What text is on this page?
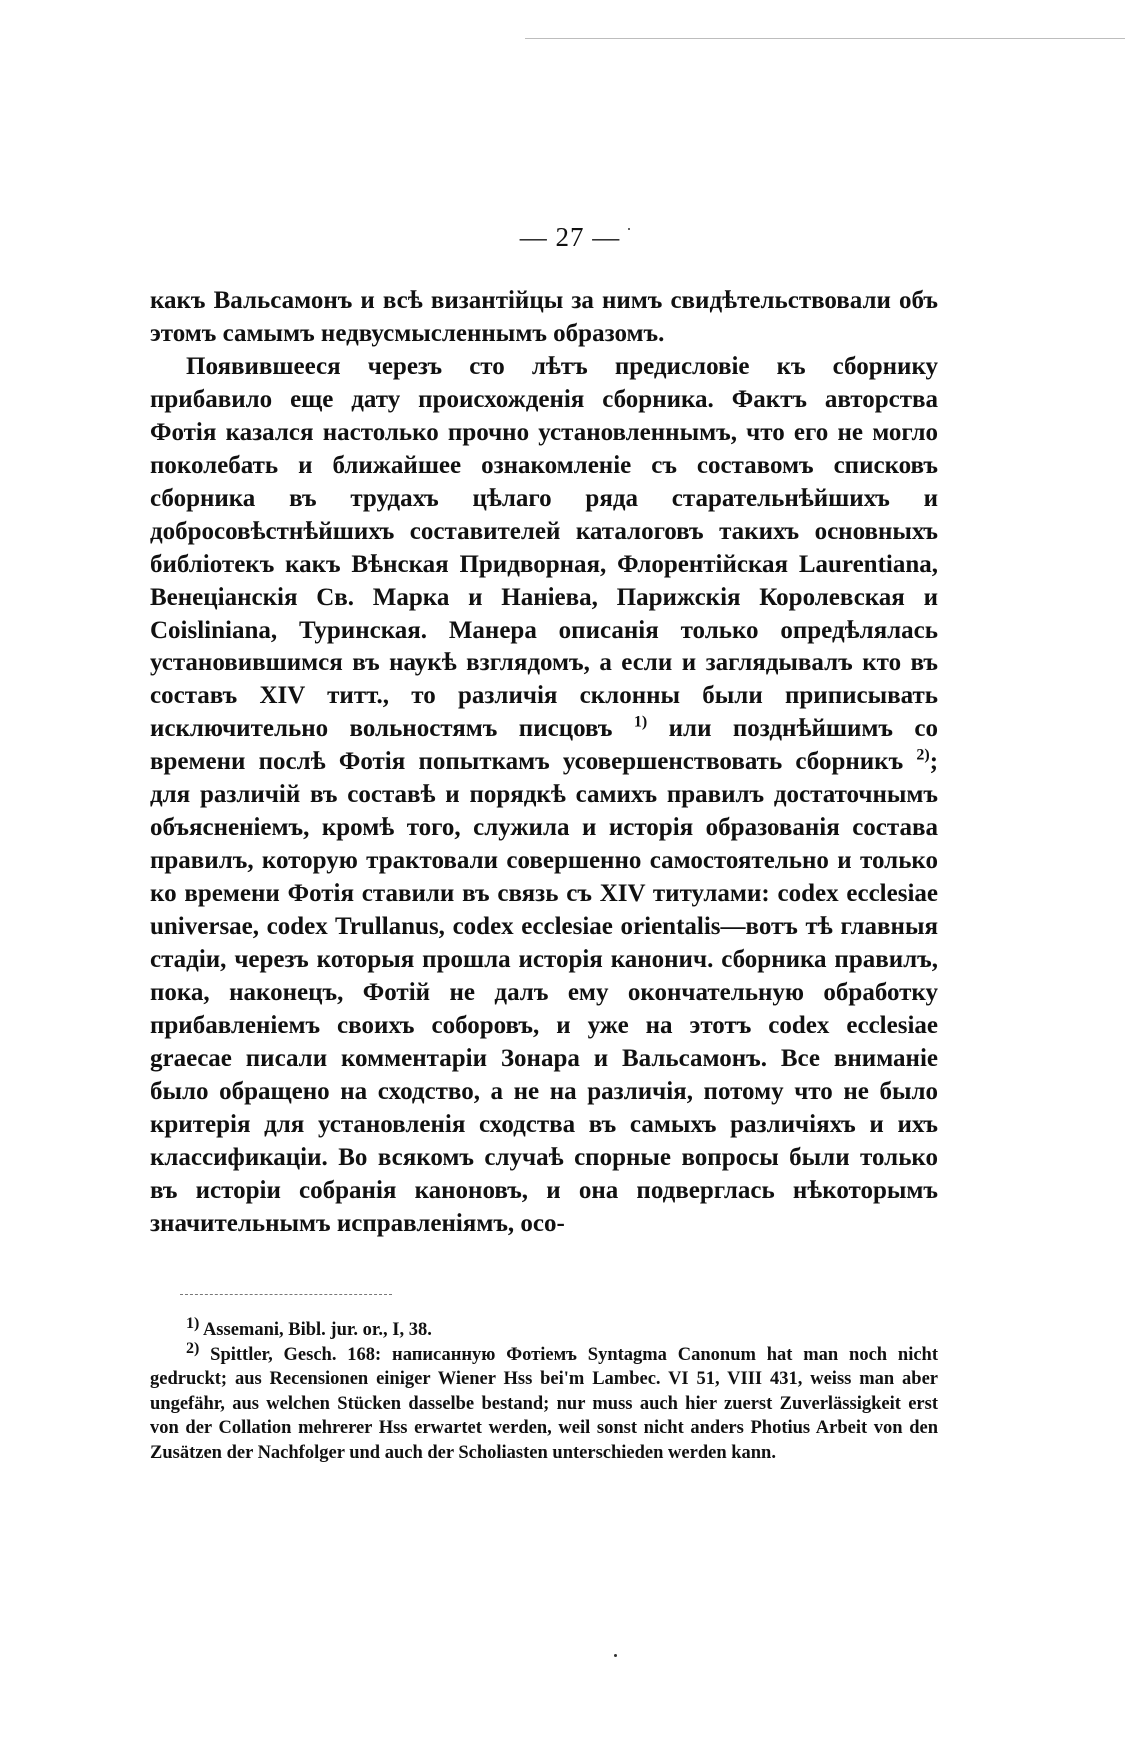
— 27 —

какъ Вальсамонъ и всѣ византійцы за нимъ свидѣтельствовали объ этомъ самымъ недвусмысленнымъ образомъ.

Появившееся черезъ сто лѣтъ предисловіе къ сборнику прибавило еще дату происхожденія сборника. Фактъ авторства Фотія казался настолько прочно установленнымъ, что его не могло поколебать и ближайшее ознакомленіе съ составомъ списковъ сборника въ трудахъ цѣлаго ряда старательнѣйшихъ и добросовѣстнѣйшихъ составителей каталоговъ такихъ основныхъ библіотекъ какъ Вѣнская Придворная, Флорентійская Laurentiana, Венеціанскія Св. Марка и Наніева, Парижскія Королевская и Coisliniana, Туринская. Манера описанія только опредѣлялась установившимся въ наукѣ взглядомъ, а если и заглядывалъ кто въ составъ XIV титт., то различія склонны были приписывать исключительно вольностямъ писцовъ $^{1)}$ или позднѣйшимъ со времени послѣ Фотія попыткамъ усовершенствовать сборникъ $^{2)}$; для различій въ составѣ и порядкѣ самихъ правилъ достаточнымъ объясненіемъ, кромѣ того, служила и исторія образованія состава правилъ, которую трактовали совершенно самостоятельно и только ко времени Фотія ставили въ связь съ XIV титулами: codex ecclesiae universae, codex Trullanus, codex ecclesiae orientalis—вотъ тѣ главныя стадіи, черезъ которыя прошла исторія канонич. сборника правилъ, пока, наконецъ, Фотій не далъ ему окончательную обработку прибавленіемъ своихъ соборовъ, и уже на этотъ codex ecclesiae graecae писали комментаріи Зонара и Вальсамонъ. Все вниманіе было обращено на сходство, а не на различія, потому что не было критерія для установленія сходства въ самыхъ различіяхъ и ихъ классификаціи. Во всякомъ случаѣ спорные вопросы были только въ исторіи собранія каноновъ, и она подверглась нѣкоторымъ значительнымъ исправленіямъ, осо-

$^{1)}$ Assemani, Bibl. jur. or., I, 38.

$^{2)}$ Spittler, Gesch. 168: написанную Фотіемъ Syntagma Canonum hat man noch nicht gedruckt; aus Recensionen einiger Wiener Hss bei'm Lambec. VI 51, VIII 431, weiss man aber ungefähr, aus welchen Stücken dasselbe bestand; nur muss auch hier zuerst Zuverlässigkeit erst von der Collation mehrerer Hss erwartet werden, weil sonst nicht anders Photius Arbeit von den Zusätzen der Nachfolger und auch der Scholiasten unterschieden werden kann.
